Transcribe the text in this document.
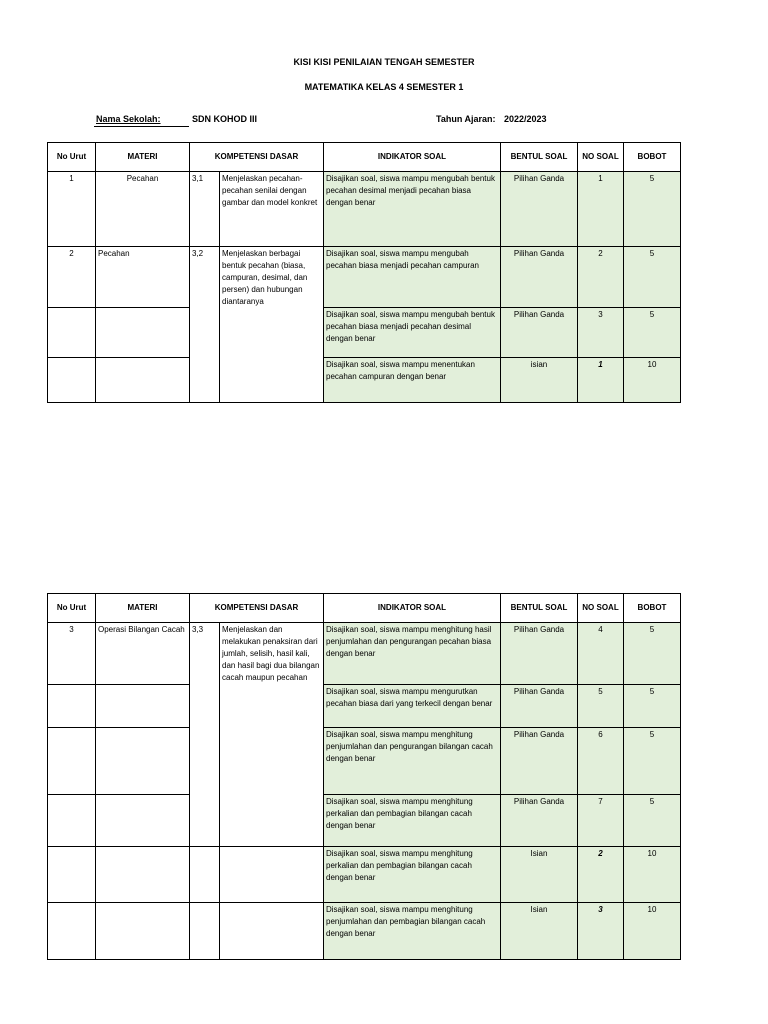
KISI KISI PENILAIAN TENGAH SEMESTER
MATEMATIKA KELAS 4 SEMESTER 1
Nama Sekolah:	SDN KOHOD III	Tahun Ajaran: 2022/2023
No Urut	MATERI	KOMPETENSI DASAR		INDIKATOR SOAL	BENTUL SOAL	NO SOAL	BOBOT
1	Pecahan	3,1	Menjelaskan pecahan-pecahan senilai dengan gambar dan model konkret	Disajikan soal, siswa mampu mengubah bentuk pecahan desimal menjadi pecahan biasa dengan benar	Pilihan Ganda	1	5
2	Pecahan	3,2	Menjelaskan berbagai bentuk pecahan (biasa, campuran, desimal, dan persen) dan hubungan diantaranya	Disajikan soal, siswa mampu mengubah pecahan biasa menjadi pecahan campuran	Pilihan Ganda	2	5
				Disajikan soal, siswa mampu mengubah bentuk pecahan biasa menjadi pecahan desimal dengan benar	Pilihan Ganda	3	5
				Disajikan soal, siswa mampu menentukan pecahan campuran dengan benar	isian	1	10
No Urut	MATERI	KOMPETENSI DASAR		INDIKATOR SOAL	BENTUL SOAL	NO SOAL	BOBOT
3	Operasi Bilangan Cacah	3,3	Menjelaskan dan melakukan penaksiran dari jumlah, selisih, hasil kali, dan hasil bagi dua bilangan cacah maupun pecahan	Disajikan soal, siswa mampu menghitung hasil penjumlahan dan pengurangan pecahan biasa dengan benar	Pilihan Ganda	4	5
				Disajikan soal, siswa mampu mengurutkan pecahan biasa dari yang terkecil dengan benar	Pilihan Ganda	5	5
				Disajikan soal, siswa mampu menghitung penjumlahan dan pengurangan bilangan cacah dengan benar	Pilihan Ganda	6	5
				Disajikan soal, siswa mampu menghitung perkalian dan pembagian bilangan cacah dengan benar	Pilihan Ganda	7	5
				Disajikan soal, siswa mampu menghitung perkalian dan pembagian bilangan cacah dengan benar	Isian	2	10
				Disajikan soal, siswa mampu menghitung penjumlahan dan pembagian bilangan cacah dengan benar	Isian	3	10
